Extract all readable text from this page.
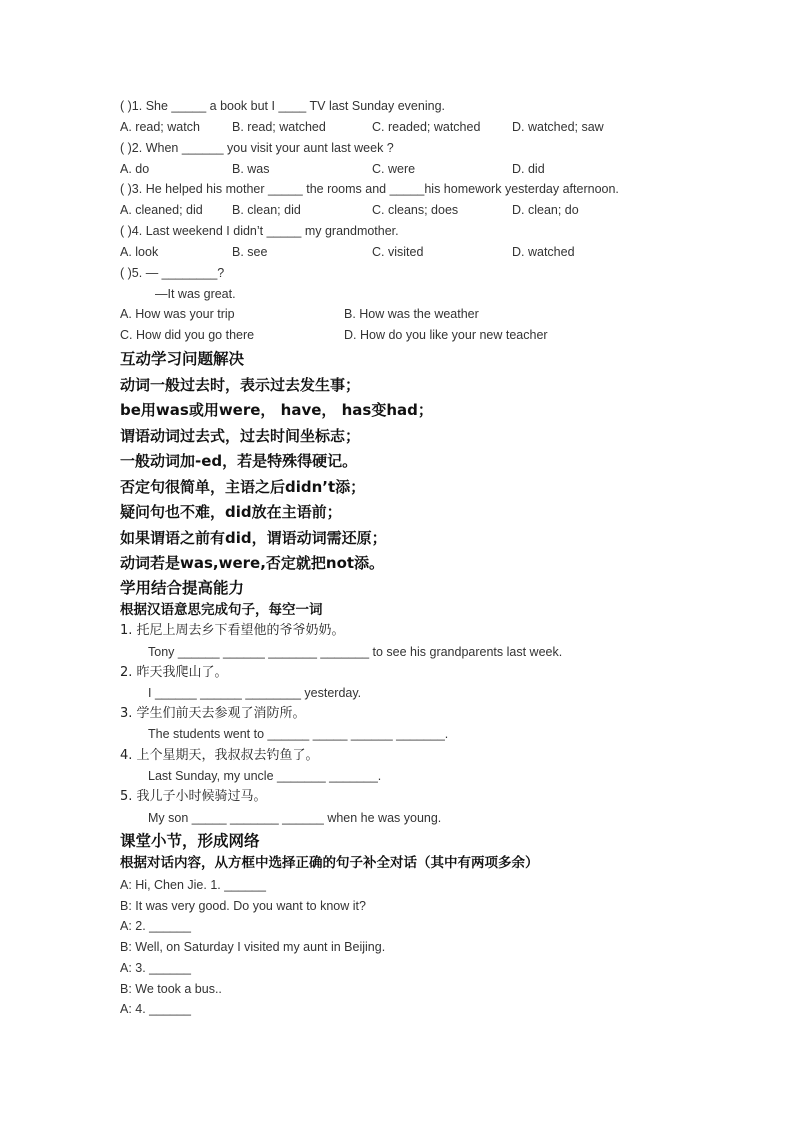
( )1. She _____ a book but I ____ TV last Sunday evening.
A. read; watch	B. read; watched	C. readed; watched	D. watched; saw
( )2. When ______ you visit your aunt last week ?
A. do	B. was	C. were	D. did
( )3. He helped his mother _____ the rooms and _____his homework yesterday afternoon.
A. cleaned; did B. clean; did	C. cleans; does	D. clean; do
( )4. Last weekend I didn’t _____ my grandmother.
A. look	B. see	C. visited	D. watched
( )5. — ________?
—It was great.
A. How was your trip	B. How was the weather
C. How did you go there	D. How do you like your new teacher
互动学习问题解决
动词一般过去时，表示过去发生事；
be用was或用were， have， has变had；
谓语动词过去式，过去时间坐标志；
一般动词加-ed，若是特殊得硬记。
否定句很简单，主语之后didn’t添；
疑问句也不难，did放在主语前；
如果谓语之前有did，谓语动词需还原；
动词若是was,were,否定就把not添。
学用结合提高能力
根据汉语意思完成句子，每空一词
1. 托尼上周去乡下看望他的爷爷奶奶。
Tony ______ ______ _______ _______ to see his grandparents last week.
2. 昨天我爬山了。
I ______ ______ ________ yesterday.
3. 学生们前天去参观了消防所。
The students went to ______ _____ ______ _______.
4. 上个星期天，我叔叔去钓鱼了。
Last Sunday, my uncle _______ _______.
5. 我儿子小时候骑过马。
My son _____ _______ ______ when he was young.
课堂小节，形成网络
根据对话内容，从方框中选择正确的句子补全对话（其中有两项多余）
A: Hi, Chen Jie. 1. ______
B: It was very good. Do you want to know it?
A: 2. ______
B: Well, on Saturday I visited my aunt in Beijing.
A: 3. ______
B: We took a bus..
A: 4. ______
